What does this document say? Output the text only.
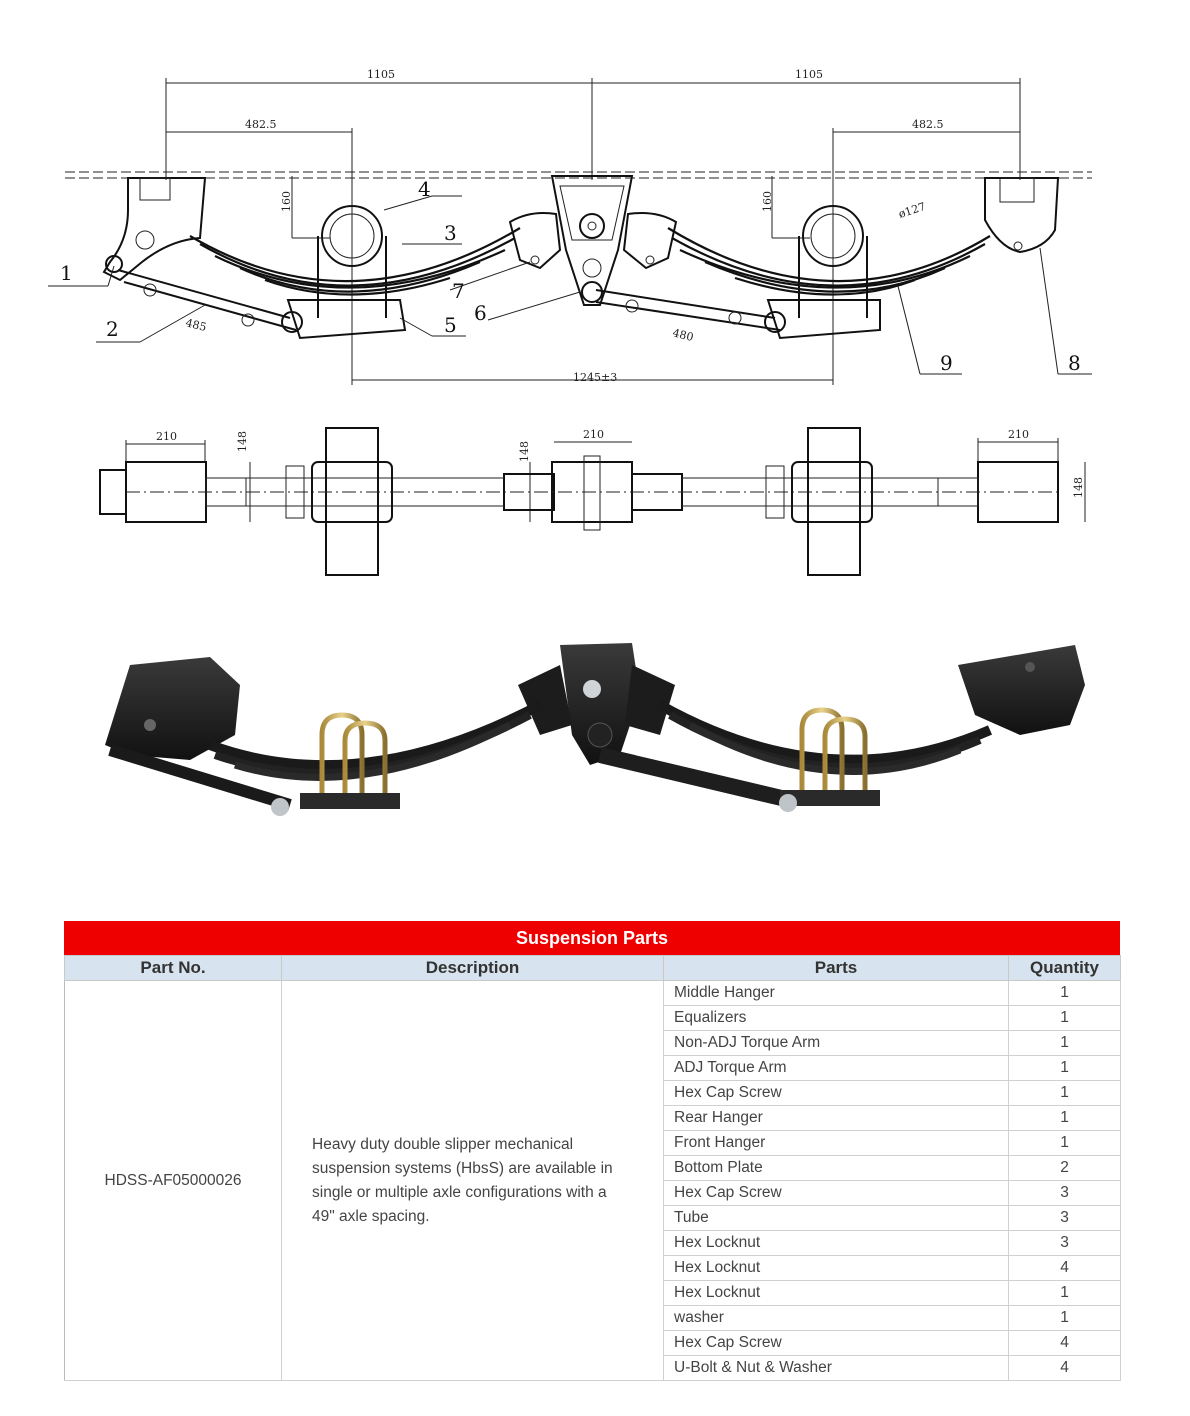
1105	1105
482.5	482.5
160	160	ø127
485
480
1245±3
1
2
3
4
5 6
7
8
9
210	210	210
148	148
148
Suspension Parts
Part No.	Description	Parts	Quantity
HDSS-AF05000026	Heavy duty double slipper mechanical suspension systems (HbsS) are available in single or multiple axle configurations with a 49" axle spacing.	Middle Hanger	1
		Equalizers	1
		Non-ADJ Torque Arm	1
		ADJ Torque Arm	1
		Hex Cap Screw	1
		Rear Hanger	1
		Front Hanger	1
		Bottom Plate	2
		Hex Cap Screw	3
		Tube	3
		Hex Locknut	3
		Hex Locknut	4
		Hex Locknut	1
		washer	1
		Hex Cap Screw	4
		U-Bolt & Nut & Washer	4
